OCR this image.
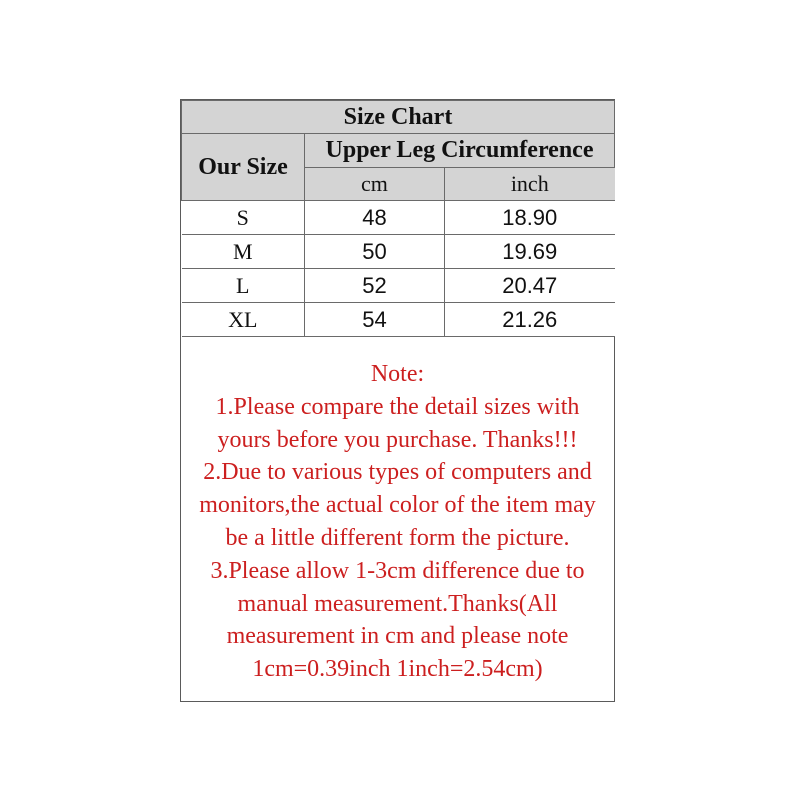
Size Chart		
Our Size	Upper Leg Circumference	
	cm	inch
S	48	18.90
M	50	19.69
L	52	20.47
XL	54	21.26
Note:
1.Please compare the detail sizes with
yours before you purchase. Thanks!!!
2.Due to various types of computers and
monitors,the actual color of the item may
be a little different form the picture.
3.Please allow 1-3cm difference due to
manual measurement.Thanks(All
measurement in cm and please note
1cm=0.39inch 1inch=2.54cm)
